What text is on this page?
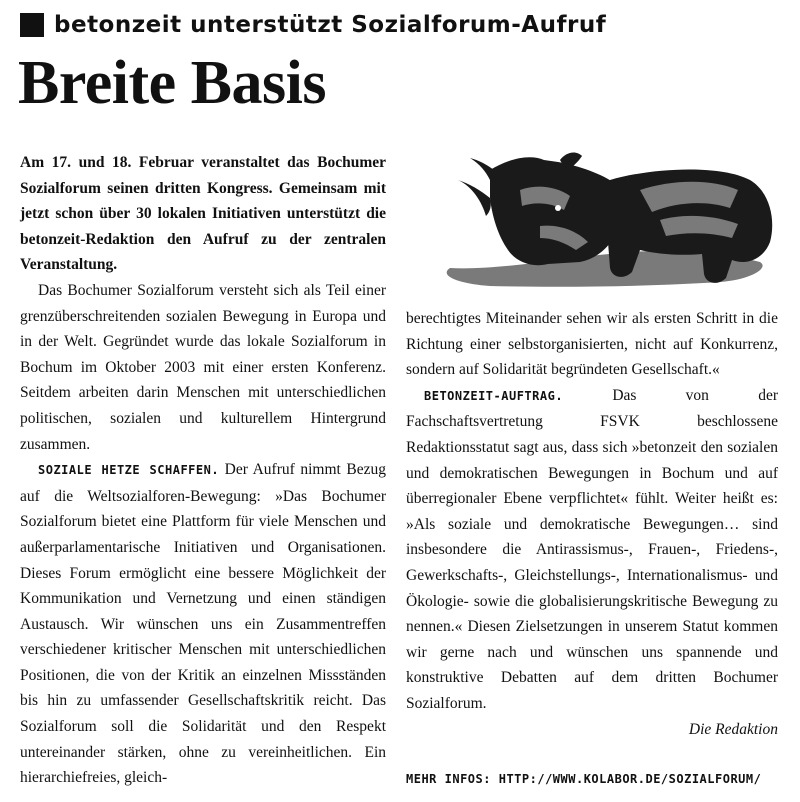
betonzeit unterstützt Sozialforum-Aufruf
Breite Basis

Am 17. und 18. Februar veranstaltet das Bochumer Sozialforum seinen dritten Kongress. Gemeinsam mit jetzt schon über 30 lokalen Initiativen unterstützt die betonzeit-Redaktion den Aufruf zu der zentralen Veranstaltung.

Das Bochumer Sozialforum versteht sich als Teil einer grenzüberschreitenden sozialen Bewegung in Europa und in der Welt. Gegründet wurde das lokale Sozialforum in Bochum im Oktober 2003 mit einer ersten Konferenz. Seitdem arbeiten darin Menschen mit unterschiedlichen politischen, sozialen und kulturellem Hintergrund zusammen.

SOZIALE HETZE SCHAFFEN. Der Aufruf nimmt Bezug auf die Weltsozialforen-Bewegung: »Das Bochumer Sozialforum bietet eine Plattform für viele Menschen und außerparlamentarische Initiativen und Organisationen. Dieses Forum ermöglicht eine bessere Möglichkeit der Kommunikation und Vernetzung und einen ständigen Austausch. Wir wünschen uns ein Zusammentreffen verschiedener kritischer Menschen mit unterschiedlichen Positionen, die von der Kritik an einzelnen Missständen bis hin zu umfassender Gesellschaftskritik reicht. Das Sozialforum soll die Solidarität und den Respekt untereinander stärken, ohne zu vereinheitlichen. Ein hierarchiefreies, gleich-

berechtigtes Miteinander sehen wir als ersten Schritt in die Richtung einer selbstorganisierten, nicht auf Konkurrenz, sondern auf Solidarität begründeten Gesellschaft.«

BETONZEIT-AUFTRAG.	Das von der Fachschaftsvertretung FSVK beschlossene Redaktionsstatut sagt aus, dass sich »betonzeit den sozialen und demokratischen Bewegungen in Bochum und auf überregionaler Ebene verpflichtet« fühlt. Weiter heißt es: »Als soziale und demokratische Bewegungen… sind insbesondere die Antirassismus-, Frauen-, Friedens-, Gewerkschafts-, Gleichstellungs-, Internationalismus- und Ökologie- sowie die globalisierungskritische Bewegung zu nennen.« Diesen Zielsetzungen in unserem Statut kommen wir gerne nach und wünschen uns spannende und konstruktive Debatten auf dem dritten Bochumer Sozialforum.

Die Redaktion

MEHR INFOS: HTTP://WWW.KOLABOR.DE/SOZIALFORUM/
